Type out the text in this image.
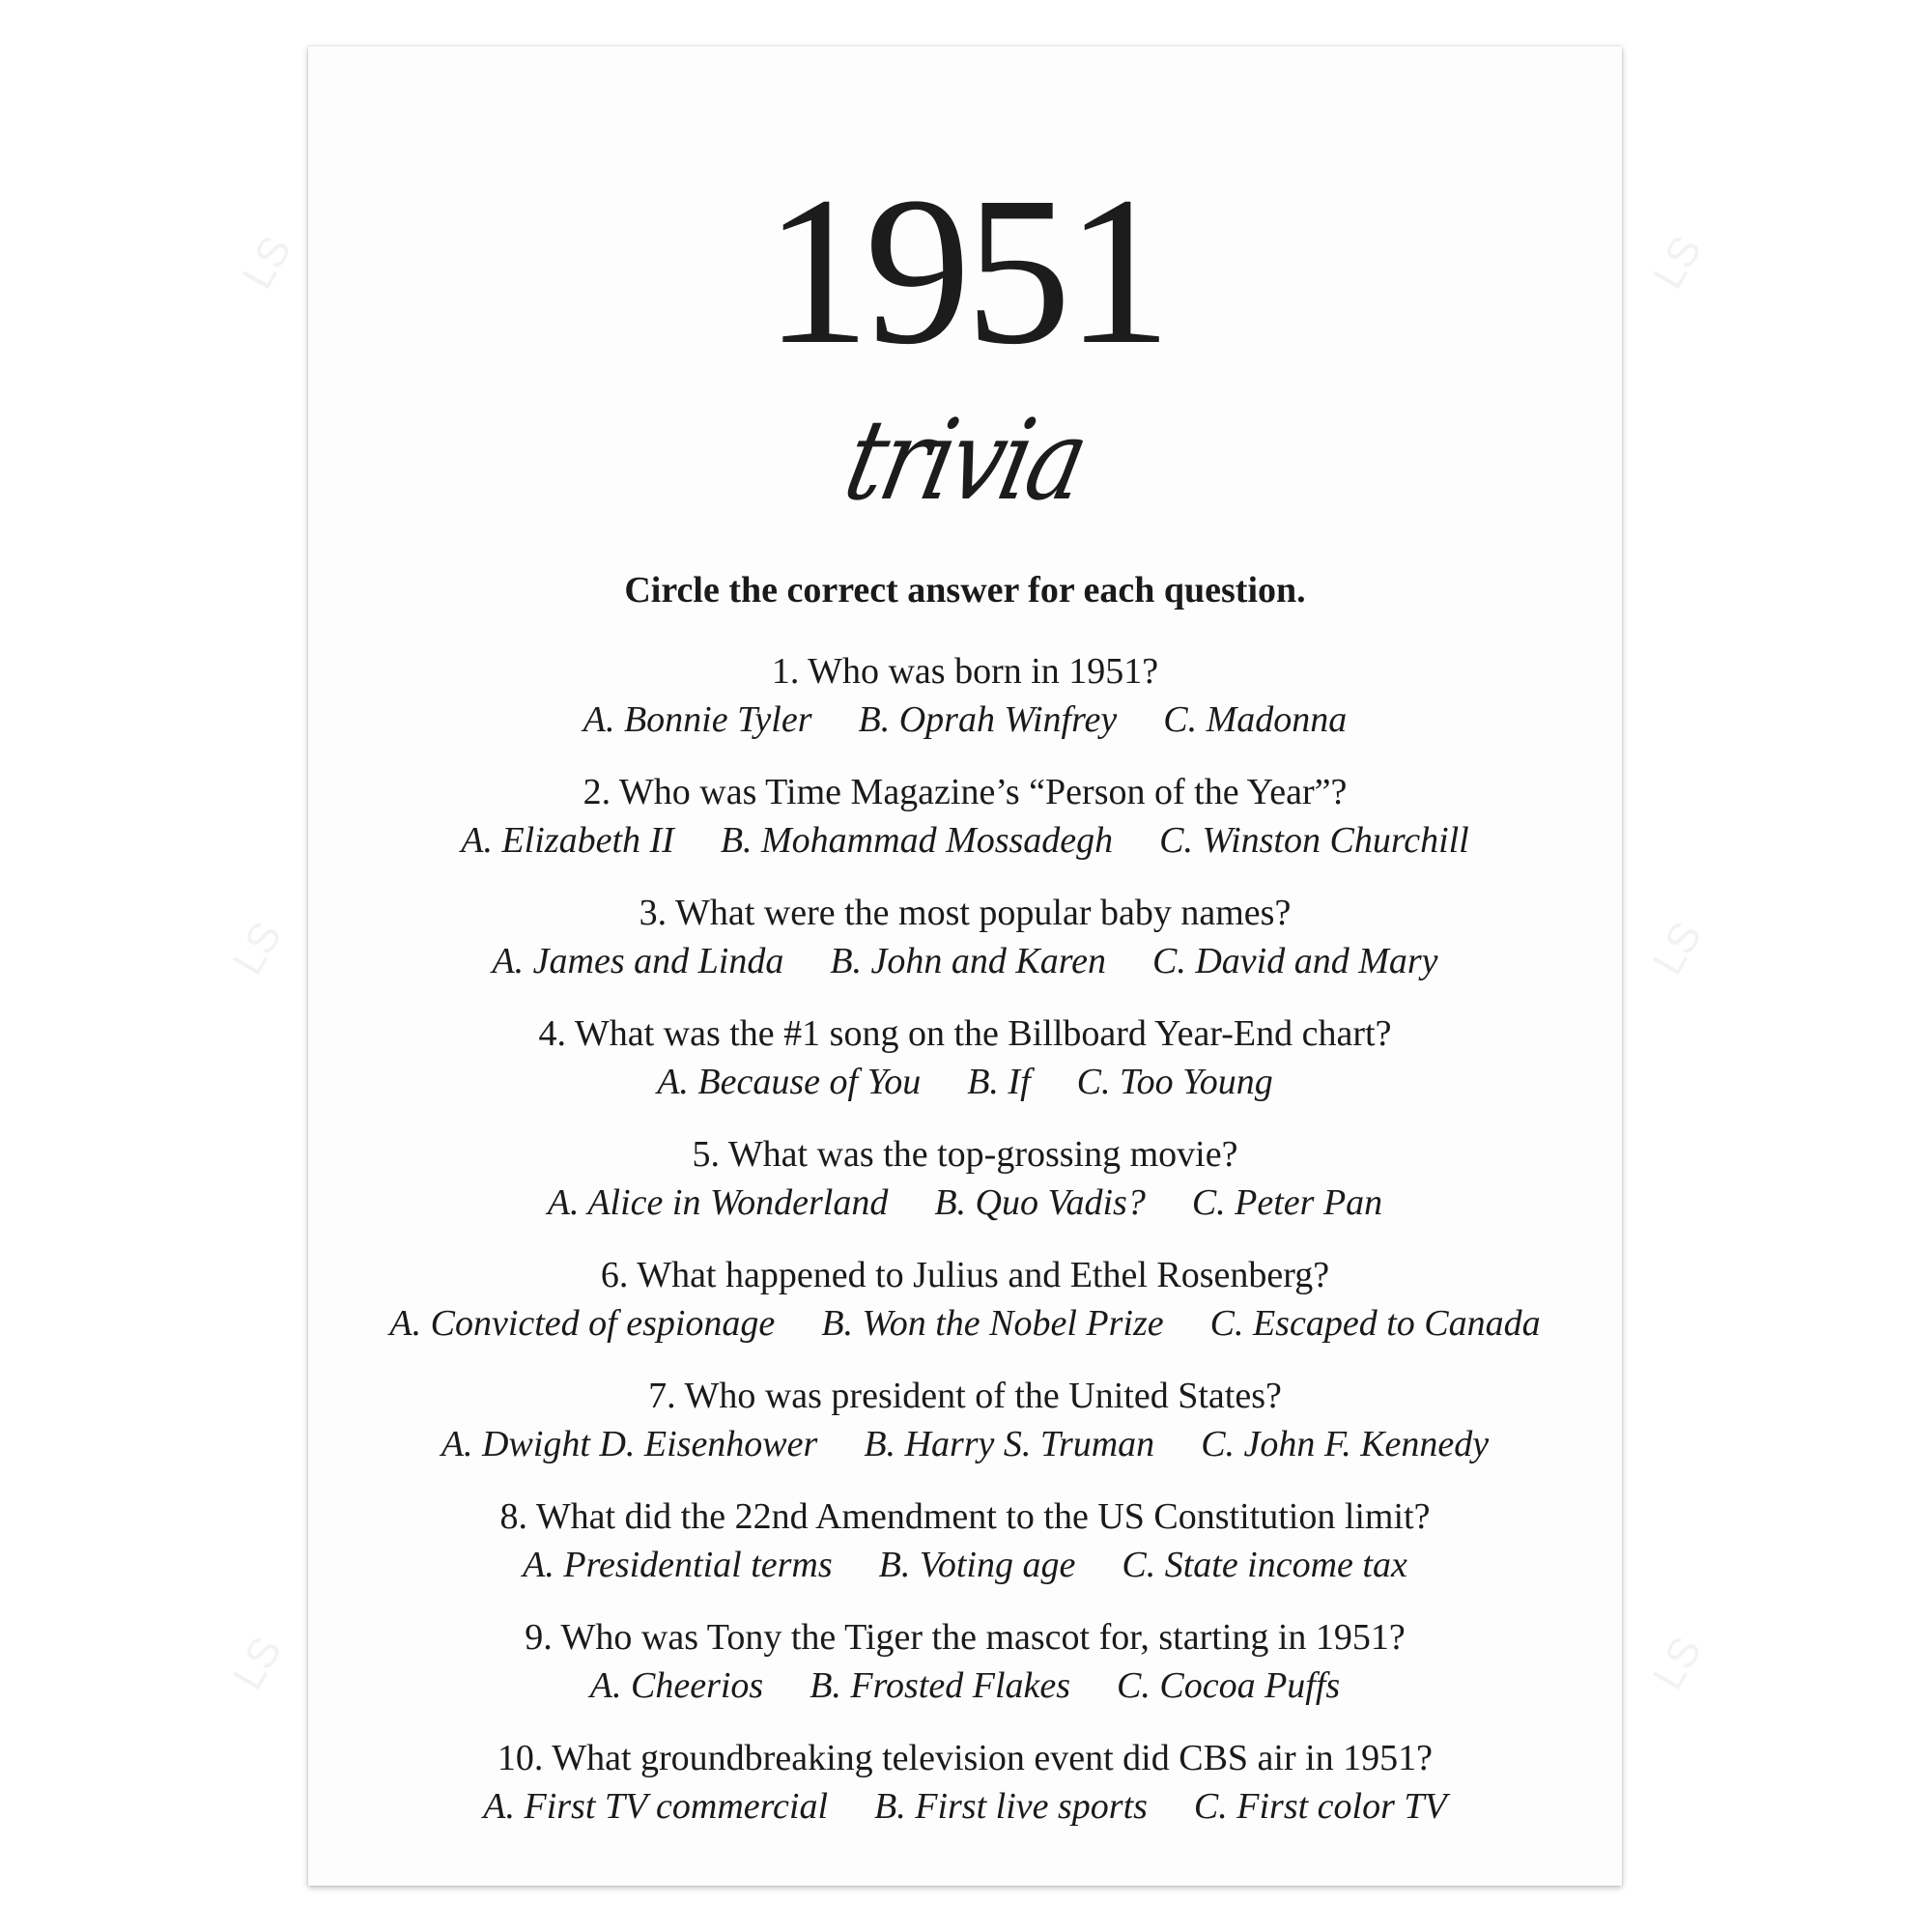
LS	LS
LS	LS
LS	LS
1951
trivia
Circle the correct answer for each question.
1. Who was born in 1951?
A. Bonnie Tyler B. Oprah Winfrey C. Madonna
2. Who was Time Magazine’s “Person of the Year”?
A. Elizabeth II B. Mohammad Mossadegh C. Winston Churchill
3. What were the most popular baby names?
A. James and Linda B. John and Karen C. David and Mary
4. What was the #1 song on the Billboard Year-End chart?
A. Because of You B. If C. Too Young
5. What was the top-grossing movie?
A. Alice in Wonderland B. Quo Vadis? C. Peter Pan
6. What happened to Julius and Ethel Rosenberg?
A. Convicted of espionage B. Won the Nobel Prize C. Escaped to Canada
7. Who was president of the United States?
A. Dwight D. Eisenhower B. Harry S. Truman C. John F. Kennedy
8. What did the 22nd Amendment to the US Constitution limit?
A. Presidential terms B. Voting age C. State income tax
9. Who was Tony the Tiger the mascot for, starting in 1951?
A. Cheerios B. Frosted Flakes C. Cocoa Puffs
10. What groundbreaking television event did CBS air in 1951?
A. First TV commercial B. First live sports C. First color TV
